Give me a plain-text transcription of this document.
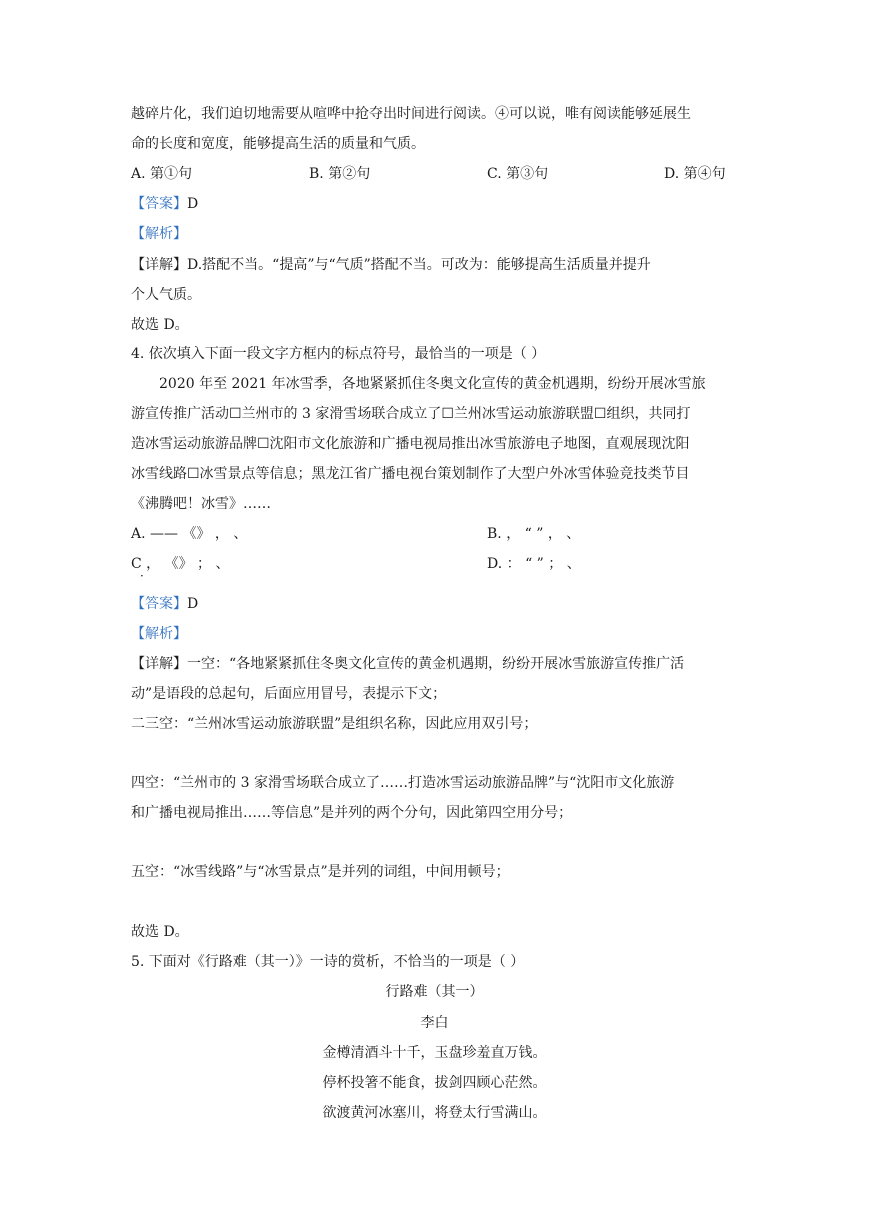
越碎片化，我们迫切地需要从喧哗中抢夺出时间进行阅读。④可以说，唯有阅读能够延展生
命的长度和宽度，能够提高生活的质量和气质。
A. 第①句	B. 第②句	C. 第③句	D. 第④句
【答案】D
【解析】
【详解】D.搭配不当。“提高”与“气质”搭配不当。可改为：能够提高生活质量并提升
个人气质。
故选 D。
4. 依次填入下面一段文字方框内的标点符号，最恰当的一项是（ ）
2020 年至 2021 年冰雪季，各地紧紧抓住冬奥文化宣传的黄金机遇期，纷纷开展冰雪旅
游宣传推广活动☐兰州市的 3 家滑雪场联合成立了☐兰州冰雪运动旅游联盟☐组织，共同打
造冰雪运动旅游品牌☐沈阳市文化旅游和广播电视局推出冰雪旅游电子地图，直观展现沈阳
冰雪线路☐冰雪景点等信息；黑龙江省广播电视台策划制作了大型户外冰雪体验竞技类节目
《沸腾吧！冰雪》……
A. —— 《》 ， 、	B. ， “ ” ， 、
C ， 《》 ； 、
·
D. ： “ ” ； 、
【答案】D
【解析】
【详解】一空：“各地紧紧抓住冬奥文化宣传的黄金机遇期，纷纷开展冰雪旅游宣传推广活
动”是语段的总起句，后面应用冒号，表提示下文；
二三空：“兰州冰雪运动旅游联盟”是组织名称，因此应用双引号；
四空：“兰州市的 3 家滑雪场联合成立了……打造冰雪运动旅游品牌”与“沈阳市文化旅游
和广播电视局推出……等信息”是并列的两个分句，因此第四空用分号；
五空：“冰雪线路”与“冰雪景点”是并列的词组，中间用顿号；
故选 D。
5. 下面对《行路难（其一）》一诗的赏析，不恰当的一项是（ ）
行路难（其一）
李白
金樽清酒斗十千，玉盘珍羞直万钱。
停杯投箸不能食，拔剑四顾心茫然。
欲渡黄河冰塞川，将登太行雪满山。
